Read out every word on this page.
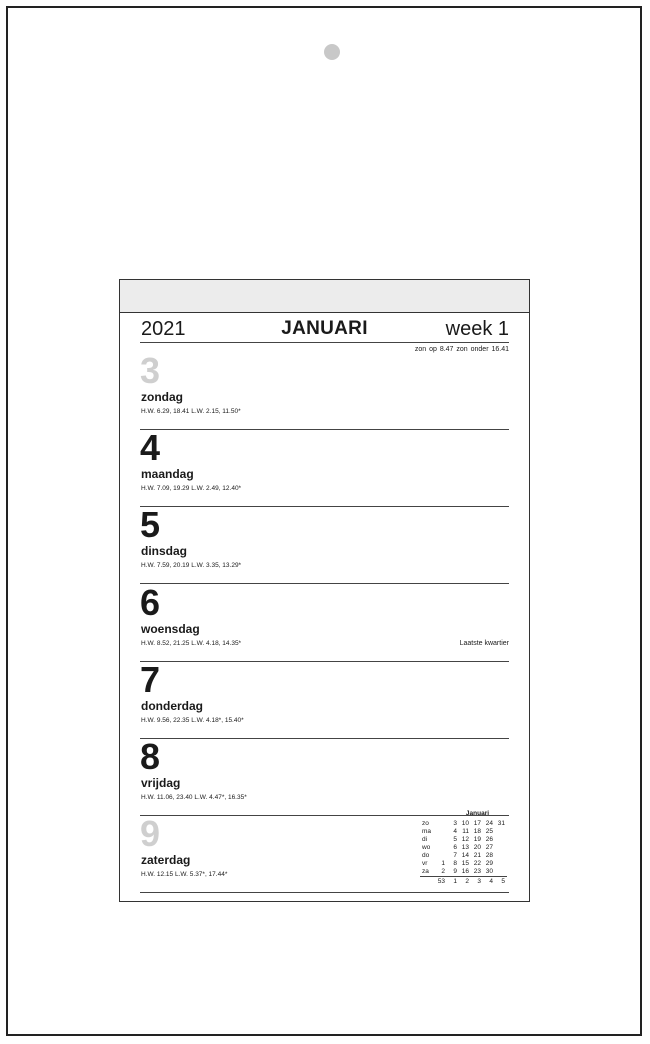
2021	JANUARI	week 1
zon op 8.47 zon onder 16.41
3
zondag
H.W. 6.29, 18.41 L.W. 2.15, 11.50*
4
maandag
H.W. 7.09, 19.29 L.W. 2.49, 12.40*
5
dinsdag
H.W. 7.59, 20.19 L.W. 3.35, 13.29*
6
woensdag
H.W. 8.52, 21.25 L.W. 4.18, 14.35*	Laatste kwartier
7
donderdag
H.W. 9.56, 22.35 L.W. 4.18*, 15.40*
8
vrijdag
H.W. 11.06, 23.40 L.W. 4.47*, 16.35*
9
zaterdag
H.W. 12.15 L.W. 5.37*, 17.44*
Januari
zo		3	10	17	24	31
ma		4	11	18	25	
di		5	12	19	26	
wo		6	13	20	27	
do		7	14	21	28	
vr	1	8	15	22	29	
za	2	9	16	23	30	
	53	1	2	3	4	5
